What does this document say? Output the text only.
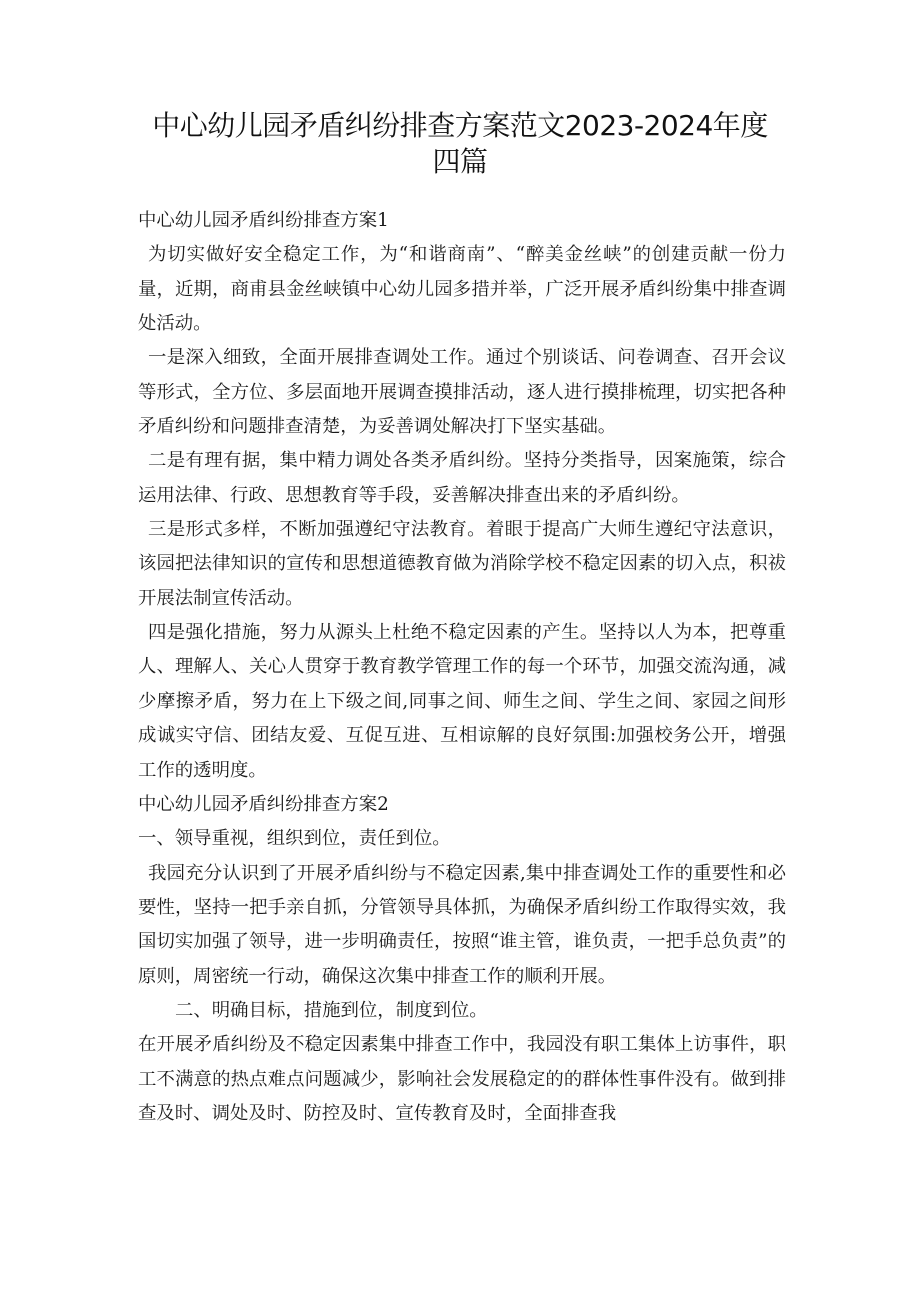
中心幼儿园矛盾纠纷排查方案范文2023-2024年度四篇

中心幼儿园矛盾纠纷排查方案1

为切实做好安全稳定工作，为“和谐商南”、“醉美金丝峡”的创建贡献一份力量，近期，商甫县金丝峡镇中心幼儿园多措并举，广泛开展矛盾纠纷集中排查调处活动。

一是深入细致，全面开展排查调处工作。通过个别谈话、问卷调查、召开会议等形式，全方位、多层面地开展调查摸排活动，逐人进行摸排梳理，切实把各种矛盾纠纷和问题排查清楚，为妥善调处解决打下坚实基础。

二是有理有据，集中精力调处各类矛盾纠纷。坚持分类指导，因案施策，综合运用法律、行政、思想教育等手段，妥善解决排查出来的矛盾纠纷。

三是形式多样，不断加强遵纪守法教育。着眼于提高广大师生遵纪守法意识，该园把法律知识的宣传和思想道德教育做为消除学校不稳定因素的切入点，积祓开展法制宣传活动。

四是强化措施，努力从源头上杜绝不稳定因素的产生。坚持以人为本，把尊重人、理解人、关心人贯穿于教育教学管理工作的每一个环节，加强交流沟通，减少摩擦矛盾，努力在上下级之间,同事之间、师生之间、学生之间、家园之间形成诚实守信、团结友爱、互促互进、互相谅解的良好氛围:加强校务公开，增强工作的透明度。

中心幼儿园矛盾纠纷排查方案2

一、领导重视，组织到位，责任到位。

我园充分认识到了开展矛盾纠纷与不稳定因素,集中排查调处工作的重要性和必要性，坚持一把手亲自抓，分管领导具体抓，为确保矛盾纠纷工作取得实效，我国切实加强了领导，进一步明确责任，按照“谁主管，谁负责，一把手总负责”的原则，周密统一行动，确保这次集中排查工作的顺利开展。

二、明确目标，措施到位，制度到位。

在开展矛盾纠纷及不稳定因素集中排查工作中，我园没有职工集体上访事件，职工不满意的热点难点问题减少，影响社会发展稳定的的群体性事件没有。做到排查及时、调处及时、防控及时、宣传教育及时，全面排查我
